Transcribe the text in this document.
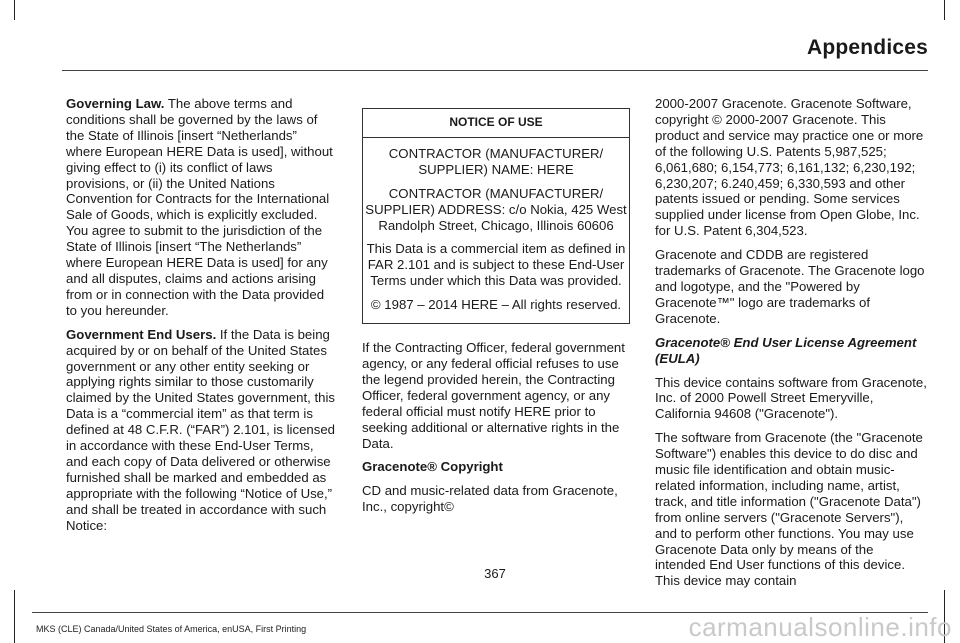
Appendices

Governing Law. The above terms and conditions shall be governed by the laws of the State of Illinois [insert “Netherlands” where European HERE Data is used], without giving effect to (i) its conflict of laws provisions, or (ii) the United Nations Convention for Contracts for the International Sale of Goods, which is explicitly excluded. You agree to submit to the jurisdiction of the State of Illinois [insert “The Netherlands” where European HERE Data is used] for any and all disputes, claims and actions arising from or in connection with the Data provided to you hereunder.

Government End Users. If the Data is being acquired by or on behalf of the United States government or any other entity seeking or applying rights similar to those customarily claimed by the United States government, this Data is a “commercial item” as that term is defined at 48 C.F.R. (“FAR”) 2.101, is licensed in accordance with these End-User Terms, and each copy of Data delivered or otherwise furnished shall be marked and embedded as appropriate with the following “Notice of Use,” and shall be treated in accordance with such Notice:

NOTICE OF USE

CONTRACTOR (MANUFACTURER/ SUPPLIER) NAME: HERE

CONTRACTOR (MANUFACTURER/ SUPPLIER) ADDRESS: c/o Nokia, 425 West Randolph Street, Chicago, Illinois 60606

This Data is a commercial item as defined in FAR 2.101 and is subject to these End-User Terms under which this Data was provided.

© 1987 – 2014 HERE – All rights reserved.

If the Contracting Officer, federal government agency, or any federal official refuses to use the legend provided herein, the Contracting Officer, federal government agency, or any federal official must notify HERE prior to seeking additional or alternative rights in the Data.

Gracenote® Copyright

CD and music-related data from Gracenote, Inc., copyright©

2000-2007 Gracenote. Gracenote Software, copyright © 2000-2007 Gracenote. This product and service may practice one or more of the following U.S. Patents 5,987,525; 6,061,680; 6,154,773; 6,161,132; 6,230,192; 6,230,207; 6.240,459; 6,330,593 and other patents issued or pending. Some services supplied under license from Open Globe, Inc. for U.S. Patent 6,304,523.

Gracenote and CDDB are registered trademarks of Gracenote. The Gracenote logo and logotype, and the "Powered by Gracenote™" logo are trademarks of Gracenote.

Gracenote® End User License Agreement (EULA)

This device contains software from Gracenote, Inc. of 2000 Powell Street Emeryville, California 94608 ("Gracenote").

The software from Gracenote (the "Gracenote Software") enables this device to do disc and music file identification and obtain music-related information, including name, artist, track, and title information ("Gracenote Data") from online servers ("Gracenote Servers"), and to perform other functions. You may use Gracenote Data only by means of the intended End User functions of this device. This device may contain

367
MKS (CLE) Canada/United States of America, enUSA, First Printing	carmanualsonline.info
